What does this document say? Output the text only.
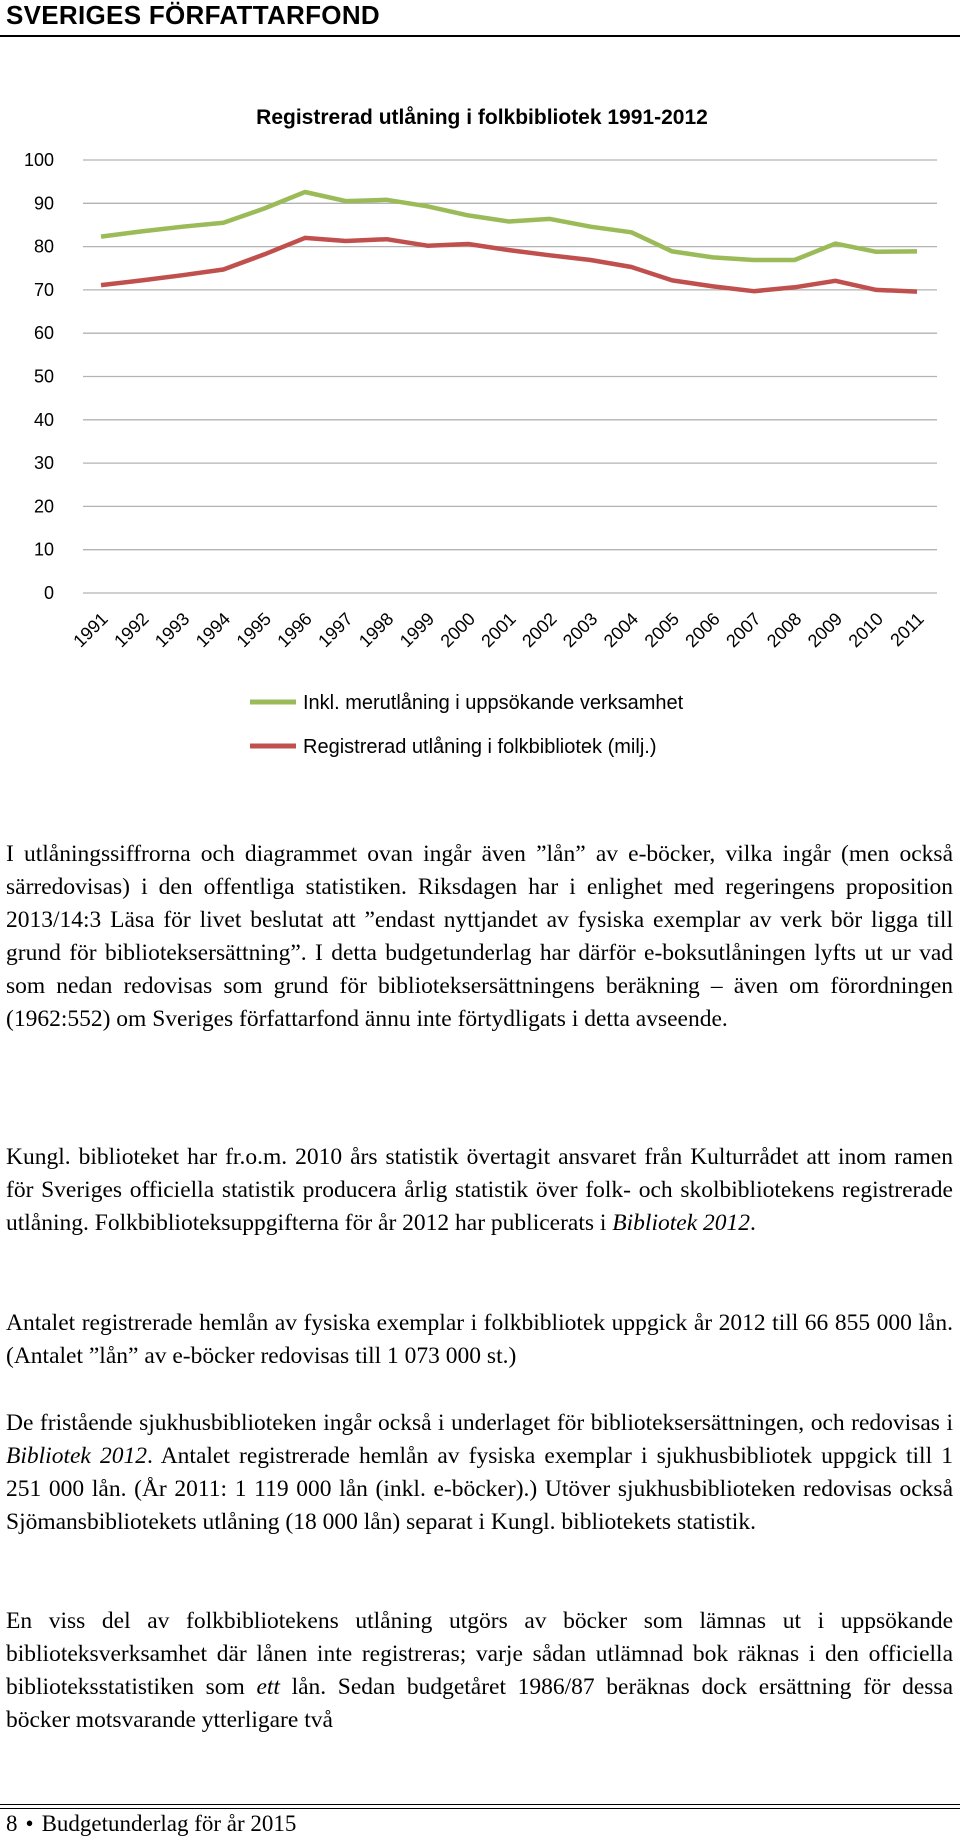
SVERIGES FÖRFATTARFOND
Registrerad utlåning i folkbibliotek 1991-2012
0
10
20
30
40
50
60
70
80
90
100
1991
1992
1993
1994
1995
1996
1997
1998
1999
2000
2001
2002
2003
2004
2005
2006
2007
2008
2009
2010 2011
Inkl. merutlåning i uppsökande verksamhet
Registrerad utlåning i folkbibliotek (milj.)

I utlåningssiffrorna och diagrammet ovan ingår även ”lån” av e-böcker, vilka ingår (men också särredovisas) i den offentliga statistiken. Riksdagen har i enlighet med regeringens proposition 2013/14:3 Läsa för livet beslutat att ”endast nyttjandet av fysiska exemplar av verk bör ligga till grund för biblioteksersättning”. I detta budgetunderlag har därför e-boksutlåningen lyfts ut ur vad som nedan redovisas som grund för biblioteksersättningens beräkning – även om förordningen (1962:552) om Sveriges författarfond ännu inte förtydligats i detta avseende.

Kungl. biblioteket har fr.o.m. 2010 års statistik övertagit ansvaret från Kulturrådet att inom ramen för Sveriges officiella statistik producera årlig statistik över folk- och skolbibliotekens registrerade utlåning. Folkbiblioteksuppgifterna för år 2012 har publicerats i Bibliotek 2012.

Antalet registrerade hemlån av fysiska exemplar i folkbibliotek uppgick år 2012 till 66 855 000 lån. (Antalet ”lån” av e-böcker redovisas till 1 073 000 st.)

De fristående sjukhusbiblioteken ingår också i underlaget för biblioteksersättningen, och redovisas i Bibliotek 2012. Antalet registrerade hemlån av fysiska exemplar i sjukhusbibliotek uppgick till 1 251 000 lån. (År 2011: 1 119 000 lån (inkl. e-böcker).) Utöver sjukhusbiblioteken redovisas också Sjömansbibliotekets utlåning (18 000 lån) separat i Kungl. bibliotekets statistik.

En viss del av folkbibliotekens utlåning utgörs av böcker som lämnas ut i uppsökande biblioteksverksamhet där lånen inte registreras; varje sådan utlämnad bok räknas i den officiella biblioteksstatistiken som ett lån. Sedan budgetåret 1986/87 beräknas dock ersättning för dessa böcker motsvarande ytterligare två

8 • Budgetunderlag för år 2015
